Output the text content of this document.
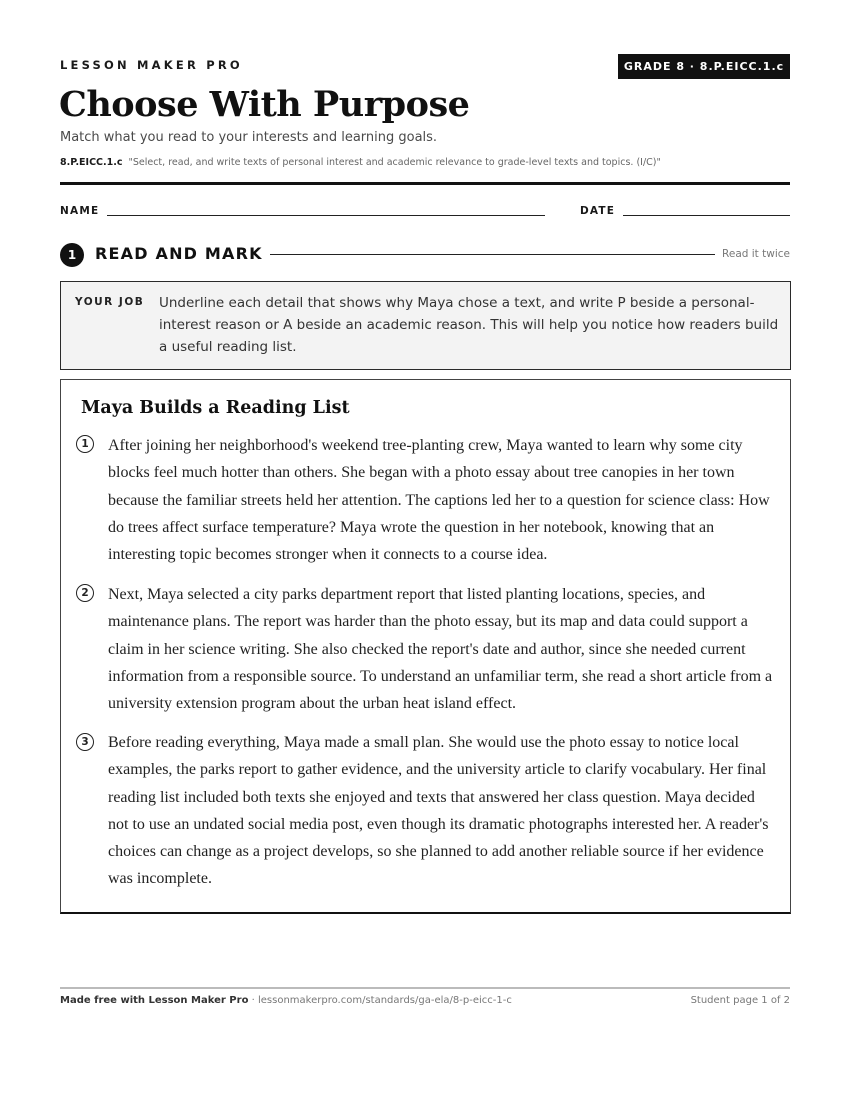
LESSON MAKER PRO	GRADE 8 · 8.P.EICC.1.c
Choose With Purpose
Match what you read to your interests and learning goals.
8.P.EICC.1.c "Select, read, and write texts of personal interest and academic relevance to grade-level texts and topics. (I/C)"
NAME	DATE
1	READ AND MARK	Read it twice
YOUR JOB Underline each detail that shows why Maya chose a text, and write P beside a personal-interest reason or A beside an academic reason. This will help you notice how readers build a useful reading list.
Maya Builds a Reading List
1	After joining her neighborhood's weekend tree-planting crew, Maya wanted to learn why some city blocks feel much hotter than others. She began with a photo essay about tree canopies in her town because the familiar streets held her attention. The captions led her to a question for science class: How do trees affect surface temperature? Maya wrote the question in her notebook, knowing that an interesting topic becomes stronger when it connects to a course idea.
2	Next, Maya selected a city parks department report that listed planting locations, species, and maintenance plans. The report was harder than the photo essay, but its map and data could support a claim in her science writing. She also checked the report's date and author, since she needed current information from a responsible source. To understand an unfamiliar term, she read a short article from a university extension program about the urban heat island effect.
3	Before reading everything, Maya made a small plan. She would use the photo essay to notice local examples, the parks report to gather evidence, and the university article to clarify vocabulary. Her final reading list included both texts she enjoyed and texts that answered her class question. Maya decided not to use an undated social media post, even though its dramatic photographs interested her. A reader's choices can change as a project develops, so she planned to add another reliable source if her evidence was incomplete.
Made free with Lesson Maker Pro · lessonmakerpro.com/standards/ga-ela/8-p-eicc-1-c	Student page 1 of 2
